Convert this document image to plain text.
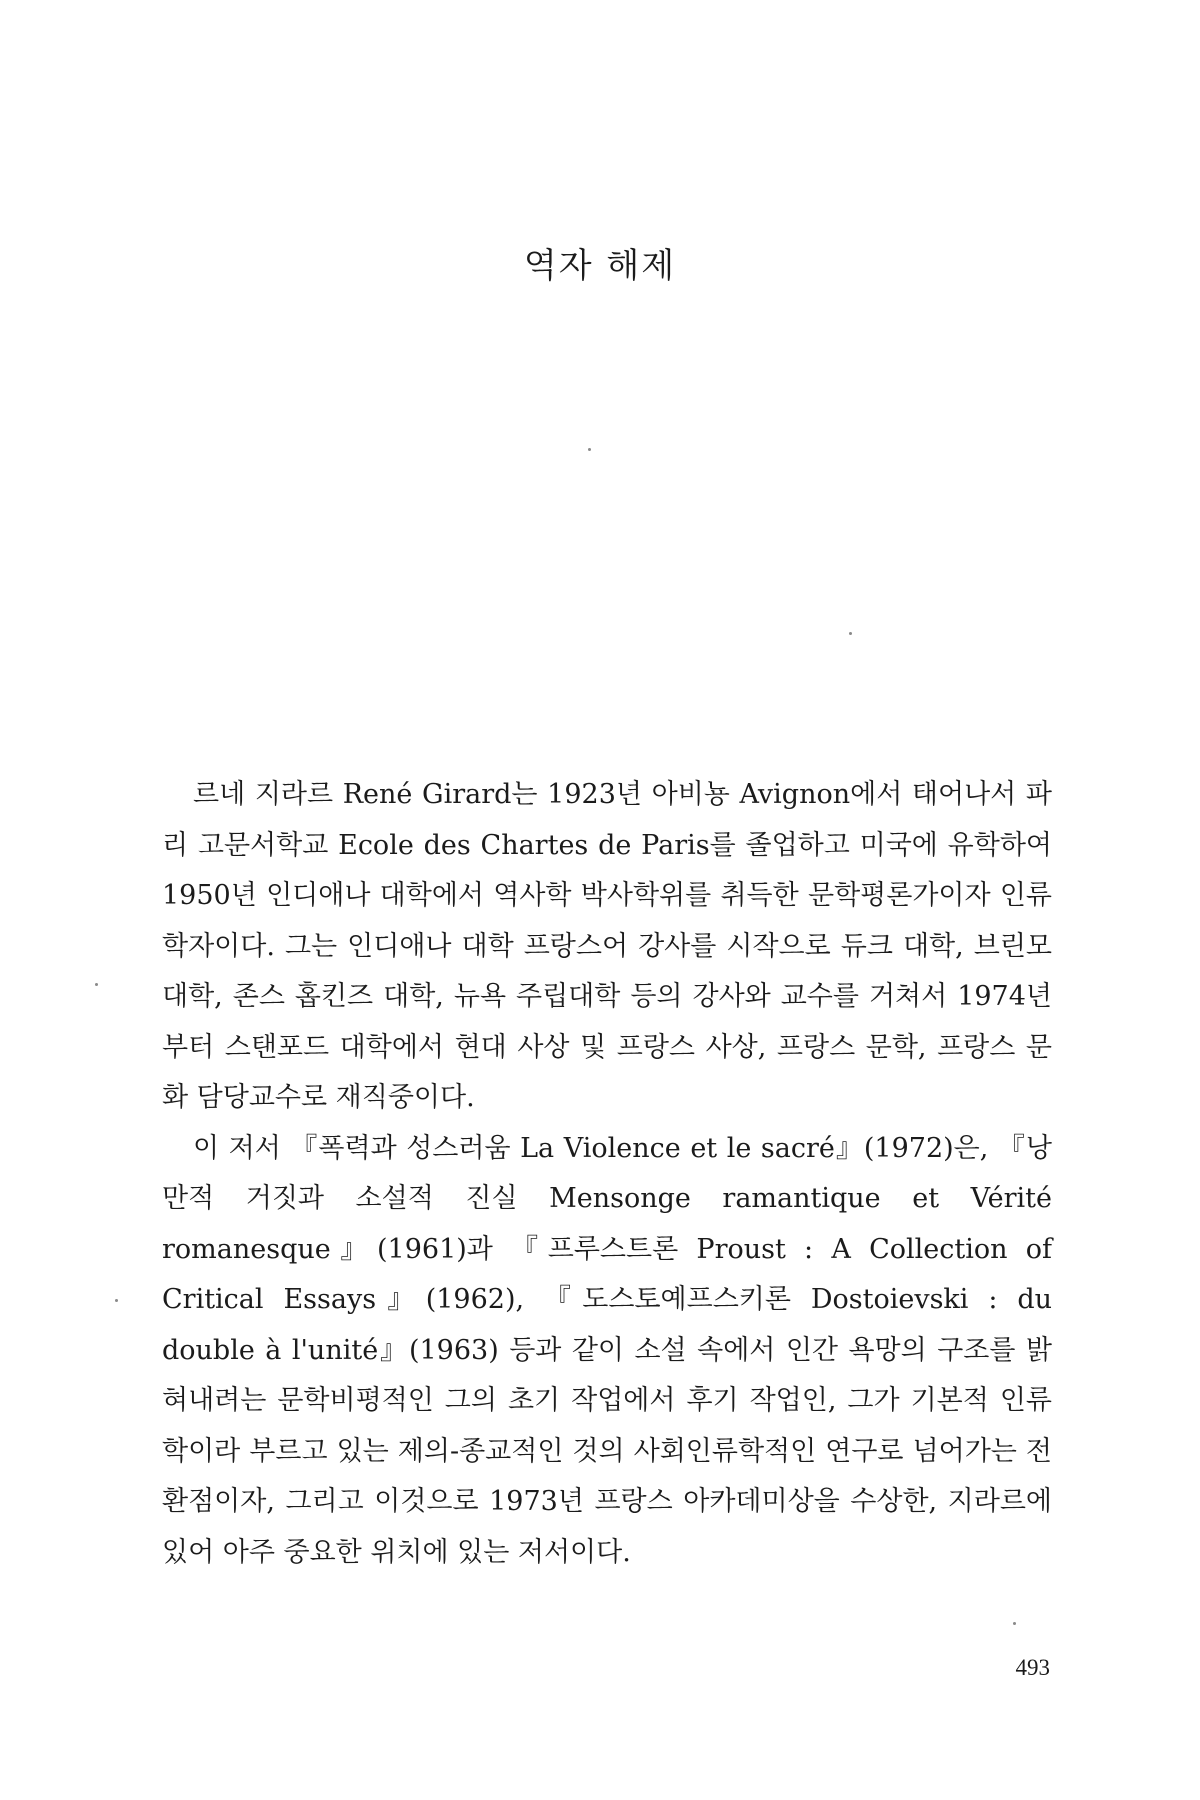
역자 해제

르네 지라르 René Girard는 1923년 아비뇽 Avignon에서 태어나서 파리 고문서학교 Ecole des Chartes de Paris를 졸업하고 미국에 유학하여 1950년 인디애나 대학에서 역사학 박사학위를 취득한 문학평론가이자 인류학자이다. 그는 인디애나 대학 프랑스어 강사를 시작으로 듀크 대학, 브린모 대학, 존스 홉킨즈 대학, 뉴욕 주립대학 등의 강사와 교수를 거쳐서 1974년부터 스탠포드 대학에서 현대 사상 및 프랑스 사상, 프랑스 문학, 프랑스 문화 담당교수로 재직중이다.

이 저서 『폭력과 성스러움 La Violence et le sacré』(1972)은, 『낭만적 거짓과 소설적 진실 Mensonge ramantique et Vérité romanesque』(1961)과 『프루스트론 Proust : A Collection of Critical Essays』(1962), 『도스토예프스키론 Dostoievski : du double à l'unité』(1963) 등과 같이 소설 속에서 인간 욕망의 구조를 밝혀내려는 문학비평적인 그의 초기 작업에서 후기 작업인, 그가 기본적 인류학이라 부르고 있는 제의-종교적인 것의 사회인류학적인 연구로 넘어가는 전환점이자, 그리고 이것으로 1973년 프랑스 아카데미상을 수상한, 지라르에 있어 아주 중요한 위치에 있는 저서이다.

493
